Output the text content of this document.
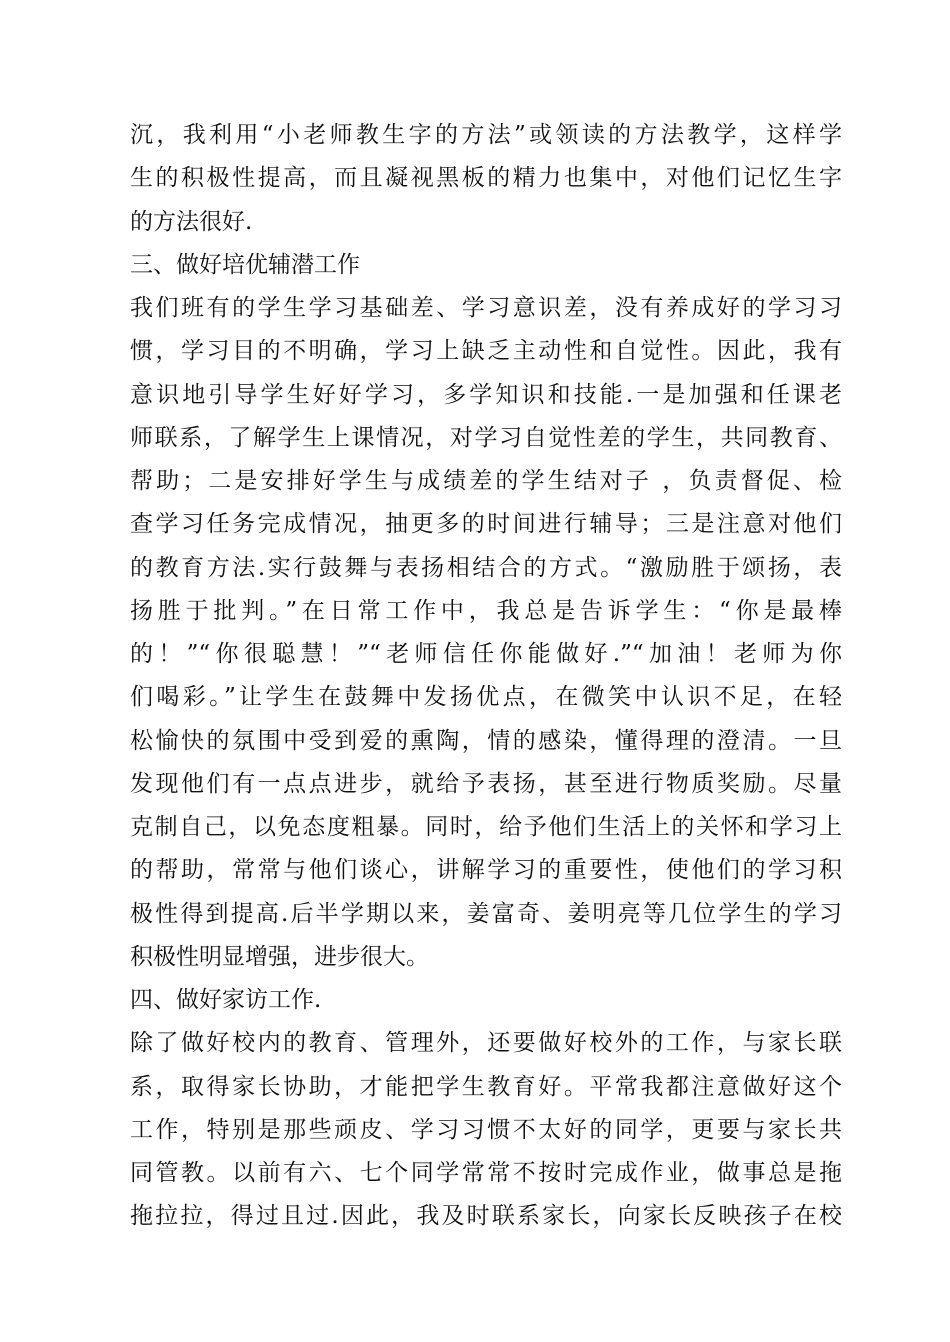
沉，我利用“小老师教生字的方法”或领读的方法教学，这样学
生的积极性提高，而且凝视黑板的精力也集中，对他们记忆生字
的方法很好.
三、做好培优辅潜工作
我们班有的学生学习基础差、学习意识差，没有养成好的学习习
惯，学习目的不明确，学习上缺乏主动性和自觉性。因此，我有
意识地引导学生好好学习，多学知识和技能.一是加强和任课老
师联系，了解学生上课情况，对学习自觉性差的学生，共同教育、
帮助；二是安排好学生与成绩差的学生结对子 ，负责督促、检
查学习任务完成情况，抽更多的时间进行辅导；三是注意对他们
的教育方法.实行鼓舞与表扬相结合的方式。“激励胜于颂扬，表
扬胜于批判。”在日常工作中，我总是告诉学生：“你是最棒
的！”“你很聪慧！”“老师信任你能做好.”“加油！老师为你
们喝彩。”让学生在鼓舞中发扬优点，在微笑中认识不足，在轻
松愉快的氛围中受到爱的熏陶，情的感染，懂得理的澄清。一旦
发现他们有一点点进步，就给予表扬，甚至进行物质奖励。尽量
克制自己，以免态度粗暴。同时，给予他们生活上的关怀和学习上
的帮助，常常与他们谈心，讲解学习的重要性，使他们的学习积
极性得到提高.后半学期以来，姜富奇、姜明亮等几位学生的学习
积极性明显增强，进步很大。
四、做好家访工作.
除了做好校内的教育、管理外，还要做好校外的工作，与家长联
系，取得家长协助，才能把学生教育好。平常我都注意做好这个
工作，特别是那些顽皮、学习习惯不太好的同学，更要与家长共
同管教。以前有六、七个同学常常不按时完成作业，做事总是拖
拖拉拉，得过且过.因此，我及时联系家长，向家长反映孩子在校
